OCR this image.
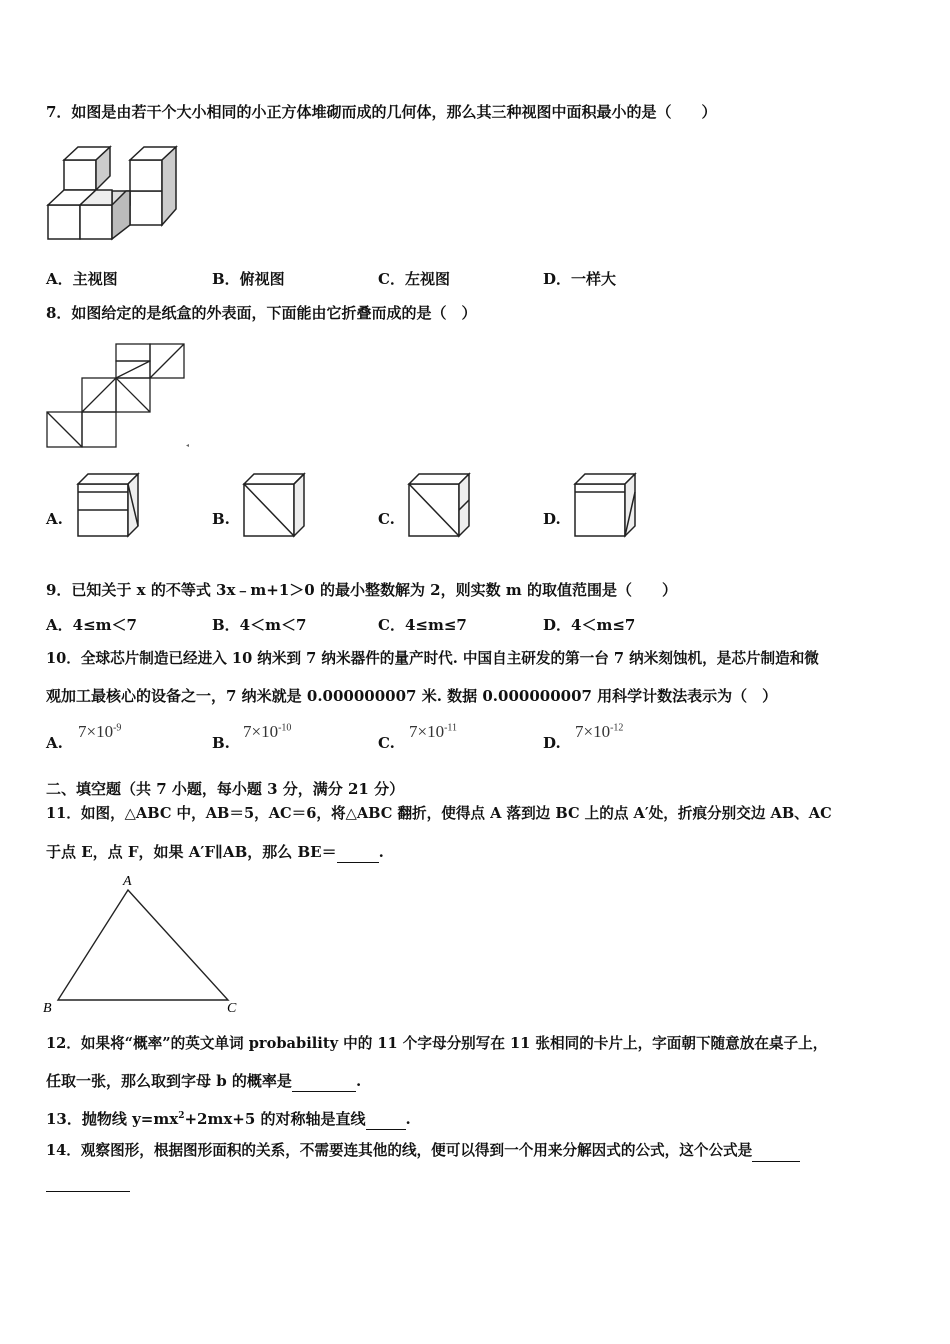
7．如图是由若干个大小相同的小正方体堆砌而成的几何体，那么其三种视图中面积最小的是（　　）
A．主视图	B．俯视图	C．左视图	D．一样大
8．如图给定的是纸盒的外表面，下面能由它折叠而成的是（　）
◂
A.	B.	C.	D.
9．已知关于 x 的不等式 3x﹣m+1＞0 的最小整数解为 2，则实数 m 的取值范围是（　　）
A．4≤m＜7	B．4＜m＜7	C．4≤m≤7	D．4＜m≤7
10．全球芯片制造已经进入 10 纳米到 7 纳米器件的量产时代. 中国自主研发的第一台 7 纳米刻蚀机，是芯片制造和微
观加工最核心的设备之一，7 纳米就是 0.000000007 米. 数据 0.000000007 用科学计数法表示为（　）
A.
$7\times 10^{-9}$
B.
$7\times 10^{-10}$
C.
$7\times 10^{-11}$
D.
$7\times 10^{-12}$
二、填空题（共 7 小题，每小题 3 分，满分 21 分）
11．如图，△ABC 中，AB＝5，AC＝6，将△ABC 翻折，使得点 A 落到边 BC 上的点 A′处，折痕分别交边 AB、AC
于点 E，点 F，如果 A′F∥AB，那么 BE＝	.
A
B	C
12．如果将“概率”的英文单词 probability 中的 11 个字母分别写在 11 张相同的卡片上，字面朝下随意放在桌子上，
任取一张，那么取到字母 b 的概率是	.
13．抛物线 $y=mx^2+2mx+5$ 的对称轴是直线	.
14．观察图形，根据图形面积的关系，不需要连其他的线，便可以得到一个用来分解因式的公式，这个公式是
